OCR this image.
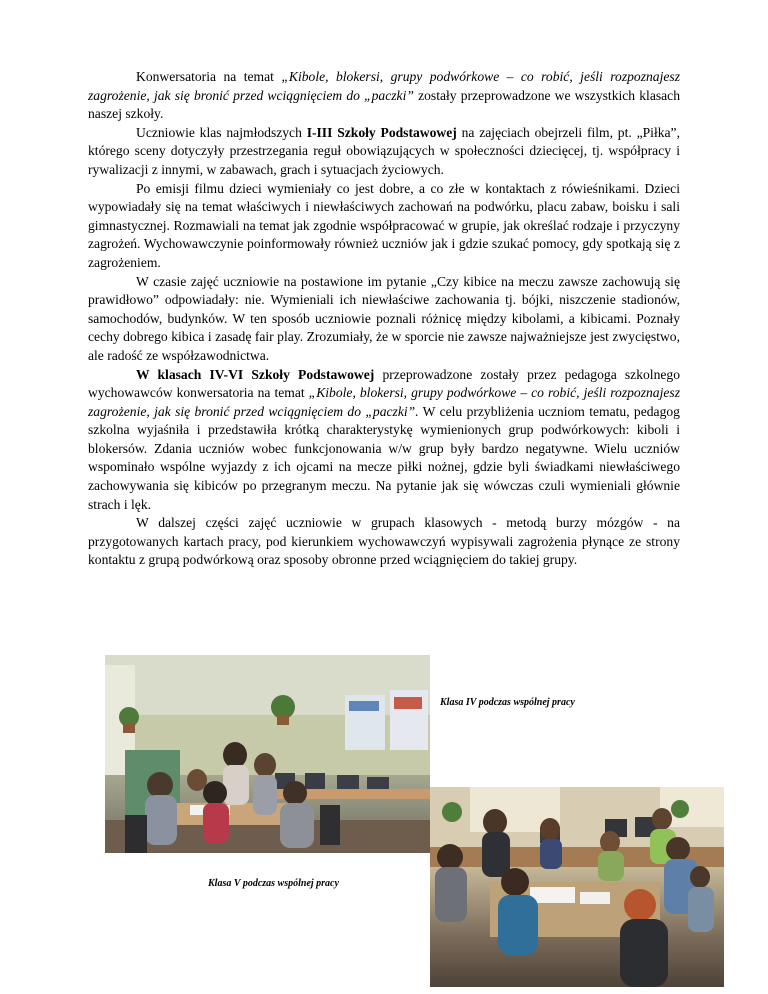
Konwersatoria na temat „Kibole, blokersi, grupy podwórkowe – co robić, jeśli rozpoznajesz zagrożenie, jak się bronić przed wciągnięciem do „paczki” zostały przeprowadzone we wszystkich klasach naszej szkoły.

Uczniowie klas najmłodszych I-III Szkoły Podstawowej na zajęciach obejrzeli film, pt. „Piłka”, którego sceny dotyczyły przestrzegania reguł obowiązujących w społeczności dziecięcej, tj. współpracy i rywalizacji z innymi, w zabawach, grach i sytuacjach życiowych.

Po emisji filmu dzieci wymieniały co jest dobre, a co złe w kontaktach z rówieśnikami. Dzieci wypowiadały się na temat właściwych i niewłaściwych zachowań na podwórku, placu zabaw, boisku i sali gimnastycznej. Rozmawiali na temat jak zgodnie współpracować w grupie, jak określać rodzaje i przyczyny zagrożeń. Wychowawczynie poinformowały również uczniów jak i gdzie szukać pomocy, gdy spotkają się z zagrożeniem.

W czasie zajęć uczniowie na postawione im pytanie „Czy kibice na meczu zawsze zachowują się prawidłowo” odpowiadały: nie. Wymieniali ich niewłaściwe zachowania tj. bójki, niszczenie stadionów, samochodów, budynków. W ten sposób uczniowie poznali różnicę między kibolami, a kibicami. Poznały cechy dobrego kibica i zasadę fair play. Zrozumiały, że w sporcie nie zawsze najważniejsze jest zwycięstwo, ale radość ze współzawodnictwa.

W klasach IV-VI Szkoły Podstawowej przeprowadzone zostały przez pedagoga szkolnego wychowawców konwersatoria na temat „Kibole, blokersi, grupy podwórkowe – co robić, jeśli rozpoznajesz zagrożenie, jak się bronić przed wciągnięciem do „paczki”. W celu przybliżenia uczniom tematu, pedagog szkolna wyjaśniła i przedstawiła krótką charakterystykę wymienionych grup podwórkowych: kiboli i blokersów. Zdania uczniów wobec funkcjonowania w/w grup były bardzo negatywne. Wielu uczniów wspominało wspólne wyjazdy z ich ojcami na mecze piłki nożnej, gdzie byli świadkami niewłaściwego zachowywania się kibiców po przegranym meczu. Na pytanie jak się wówczas czuli wymieniali głównie strach i lęk.

W dalszej części zajęć uczniowie w grupach klasowych - metodą burzy mózgów - na przygotowanych kartach pracy, pod kierunkiem wychowawczyń wypisywali zagrożenia płynące ze strony kontaktu z grupą podwórkową oraz sposoby obronne przed wciągnięciem do takiej grupy.

Klasa IV podczas wspólnej pracy
Klasa V podczas wspólnej pracy
